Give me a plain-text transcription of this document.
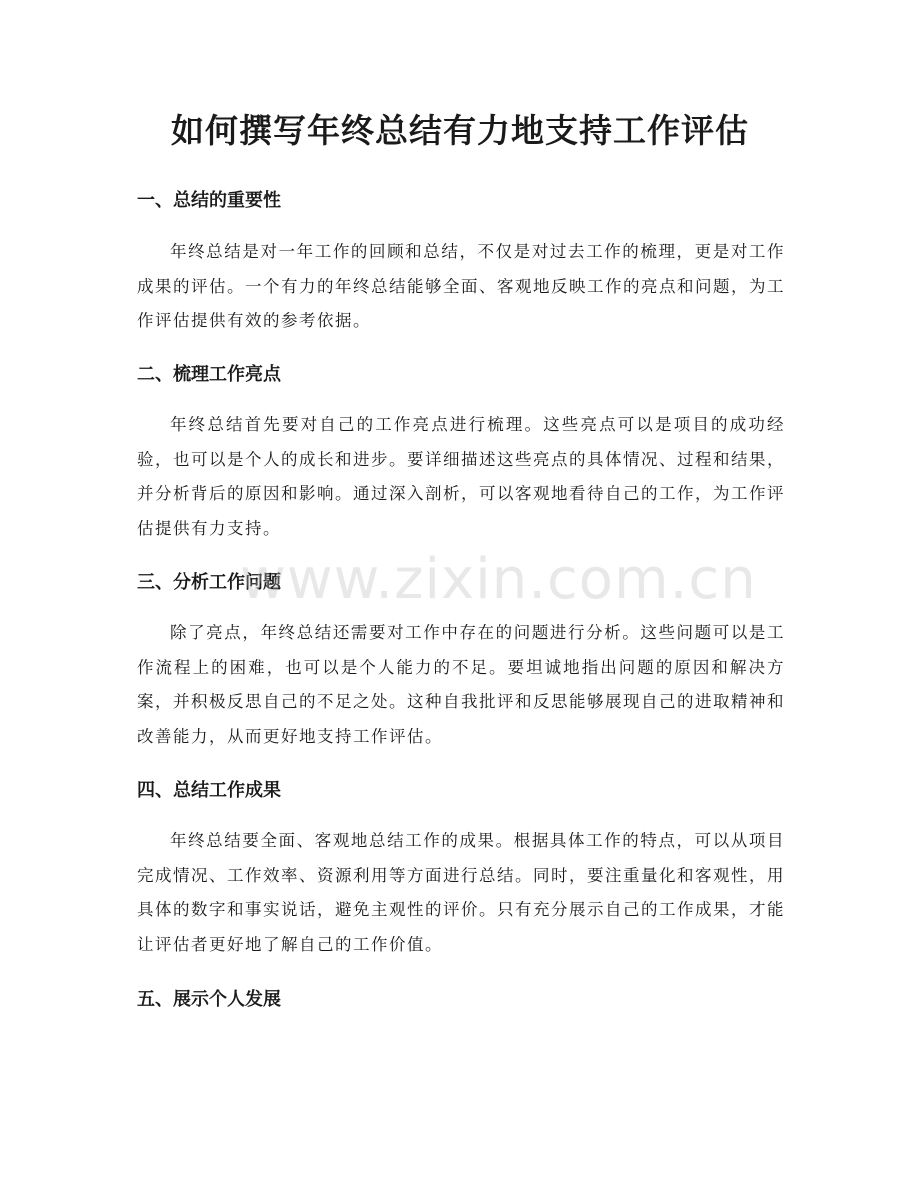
如何撰写年终总结有力地支持工作评估
一、总结的重要性

年终总结是对一年工作的回顾和总结，不仅是对过去工作的梳理，更是对工作成果的评估。一个有力的年终总结能够全面、客观地反映工作的亮点和问题，为工作评估提供有效的参考依据。

二、梳理工作亮点

年终总结首先要对自己的工作亮点进行梳理。这些亮点可以是项目的成功经验，也可以是个人的成长和进步。要详细描述这些亮点的具体情况、过程和结果，并分析背后的原因和影响。通过深入剖析，可以客观地看待自己的工作，为工作评估提供有力支持。

三、分析工作问题

除了亮点，年终总结还需要对工作中存在的问题进行分析。这些问题可以是工作流程上的困难，也可以是个人能力的不足。要坦诚地指出问题的原因和解决方案，并积极反思自己的不足之处。这种自我批评和反思能够展现自己的进取精神和改善能力，从而更好地支持工作评估。

四、总结工作成果

年终总结要全面、客观地总结工作的成果。根据具体工作的特点，可以从项目完成情况、工作效率、资源利用等方面进行总结。同时，要注重量化和客观性，用具体的数字和事实说话，避免主观性的评价。只有充分展示自己的工作成果，才能让评估者更好地了解自己的工作价值。

五、展示个人发展
www.zixin.com.cn
